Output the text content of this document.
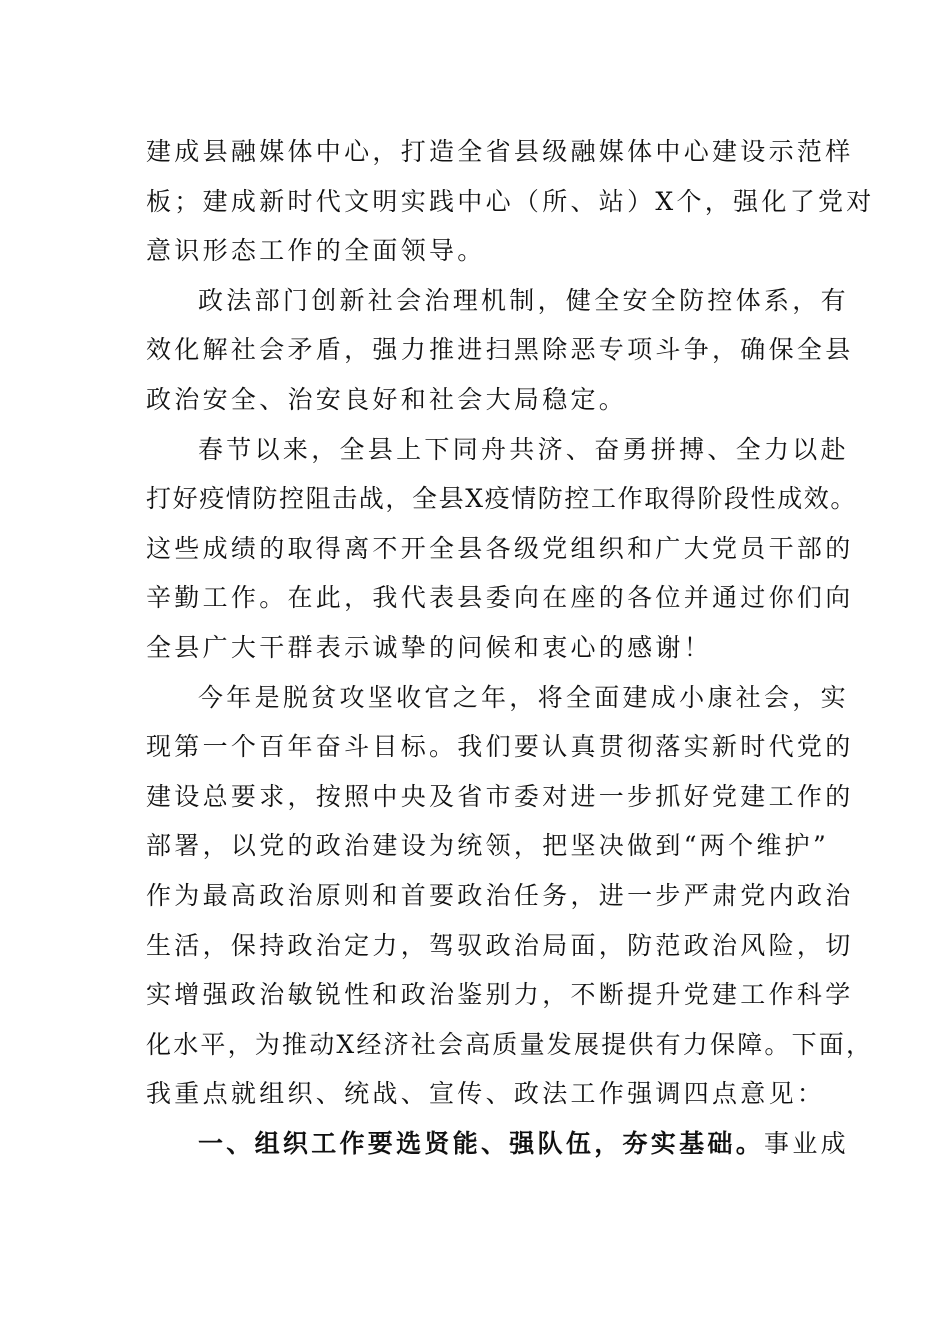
建成县融媒体中心，打造全省县级融媒体中心建设示范样
板；建成新时代文明实践中心（所、站）X个，强化了党对
意识形态工作的全面领导。
政法部门创新社会治理机制，健全安全防控体系，有
效化解社会矛盾，强力推进扫黑除恶专项斗争，确保全县
政治安全、治安良好和社会大局稳定。
春节以来，全县上下同舟共济、奋勇拼搏、全力以赴
打好疫情防控阻击战，全县X疫情防控工作取得阶段性成效。
这些成绩的取得离不开全县各级党组织和广大党员干部的
辛勤工作。在此，我代表县委向在座的各位并通过你们向
全县广大干群表示诚挚的问候和衷心的感谢！
今年是脱贫攻坚收官之年，将全面建成小康社会，实
现第一个百年奋斗目标。我们要认真贯彻落实新时代党的
建设总要求，按照中央及省市委对进一步抓好党建工作的
部署，以党的政治建设为统领，把坚决做到“两个维护”
作为最高政治原则和首要政治任务，进一步严肃党内政治
生活，保持政治定力，驾驭政治局面，防范政治风险，切
实增强政治敏锐性和政治鉴别力，不断提升党建工作科学
化水平，为推动X经济社会高质量发展提供有力保障。下面，
我重点就组织、统战、宣传、政法工作强调四点意见：
一、组织工作要选贤能、强队伍，夯实基础。事业成
